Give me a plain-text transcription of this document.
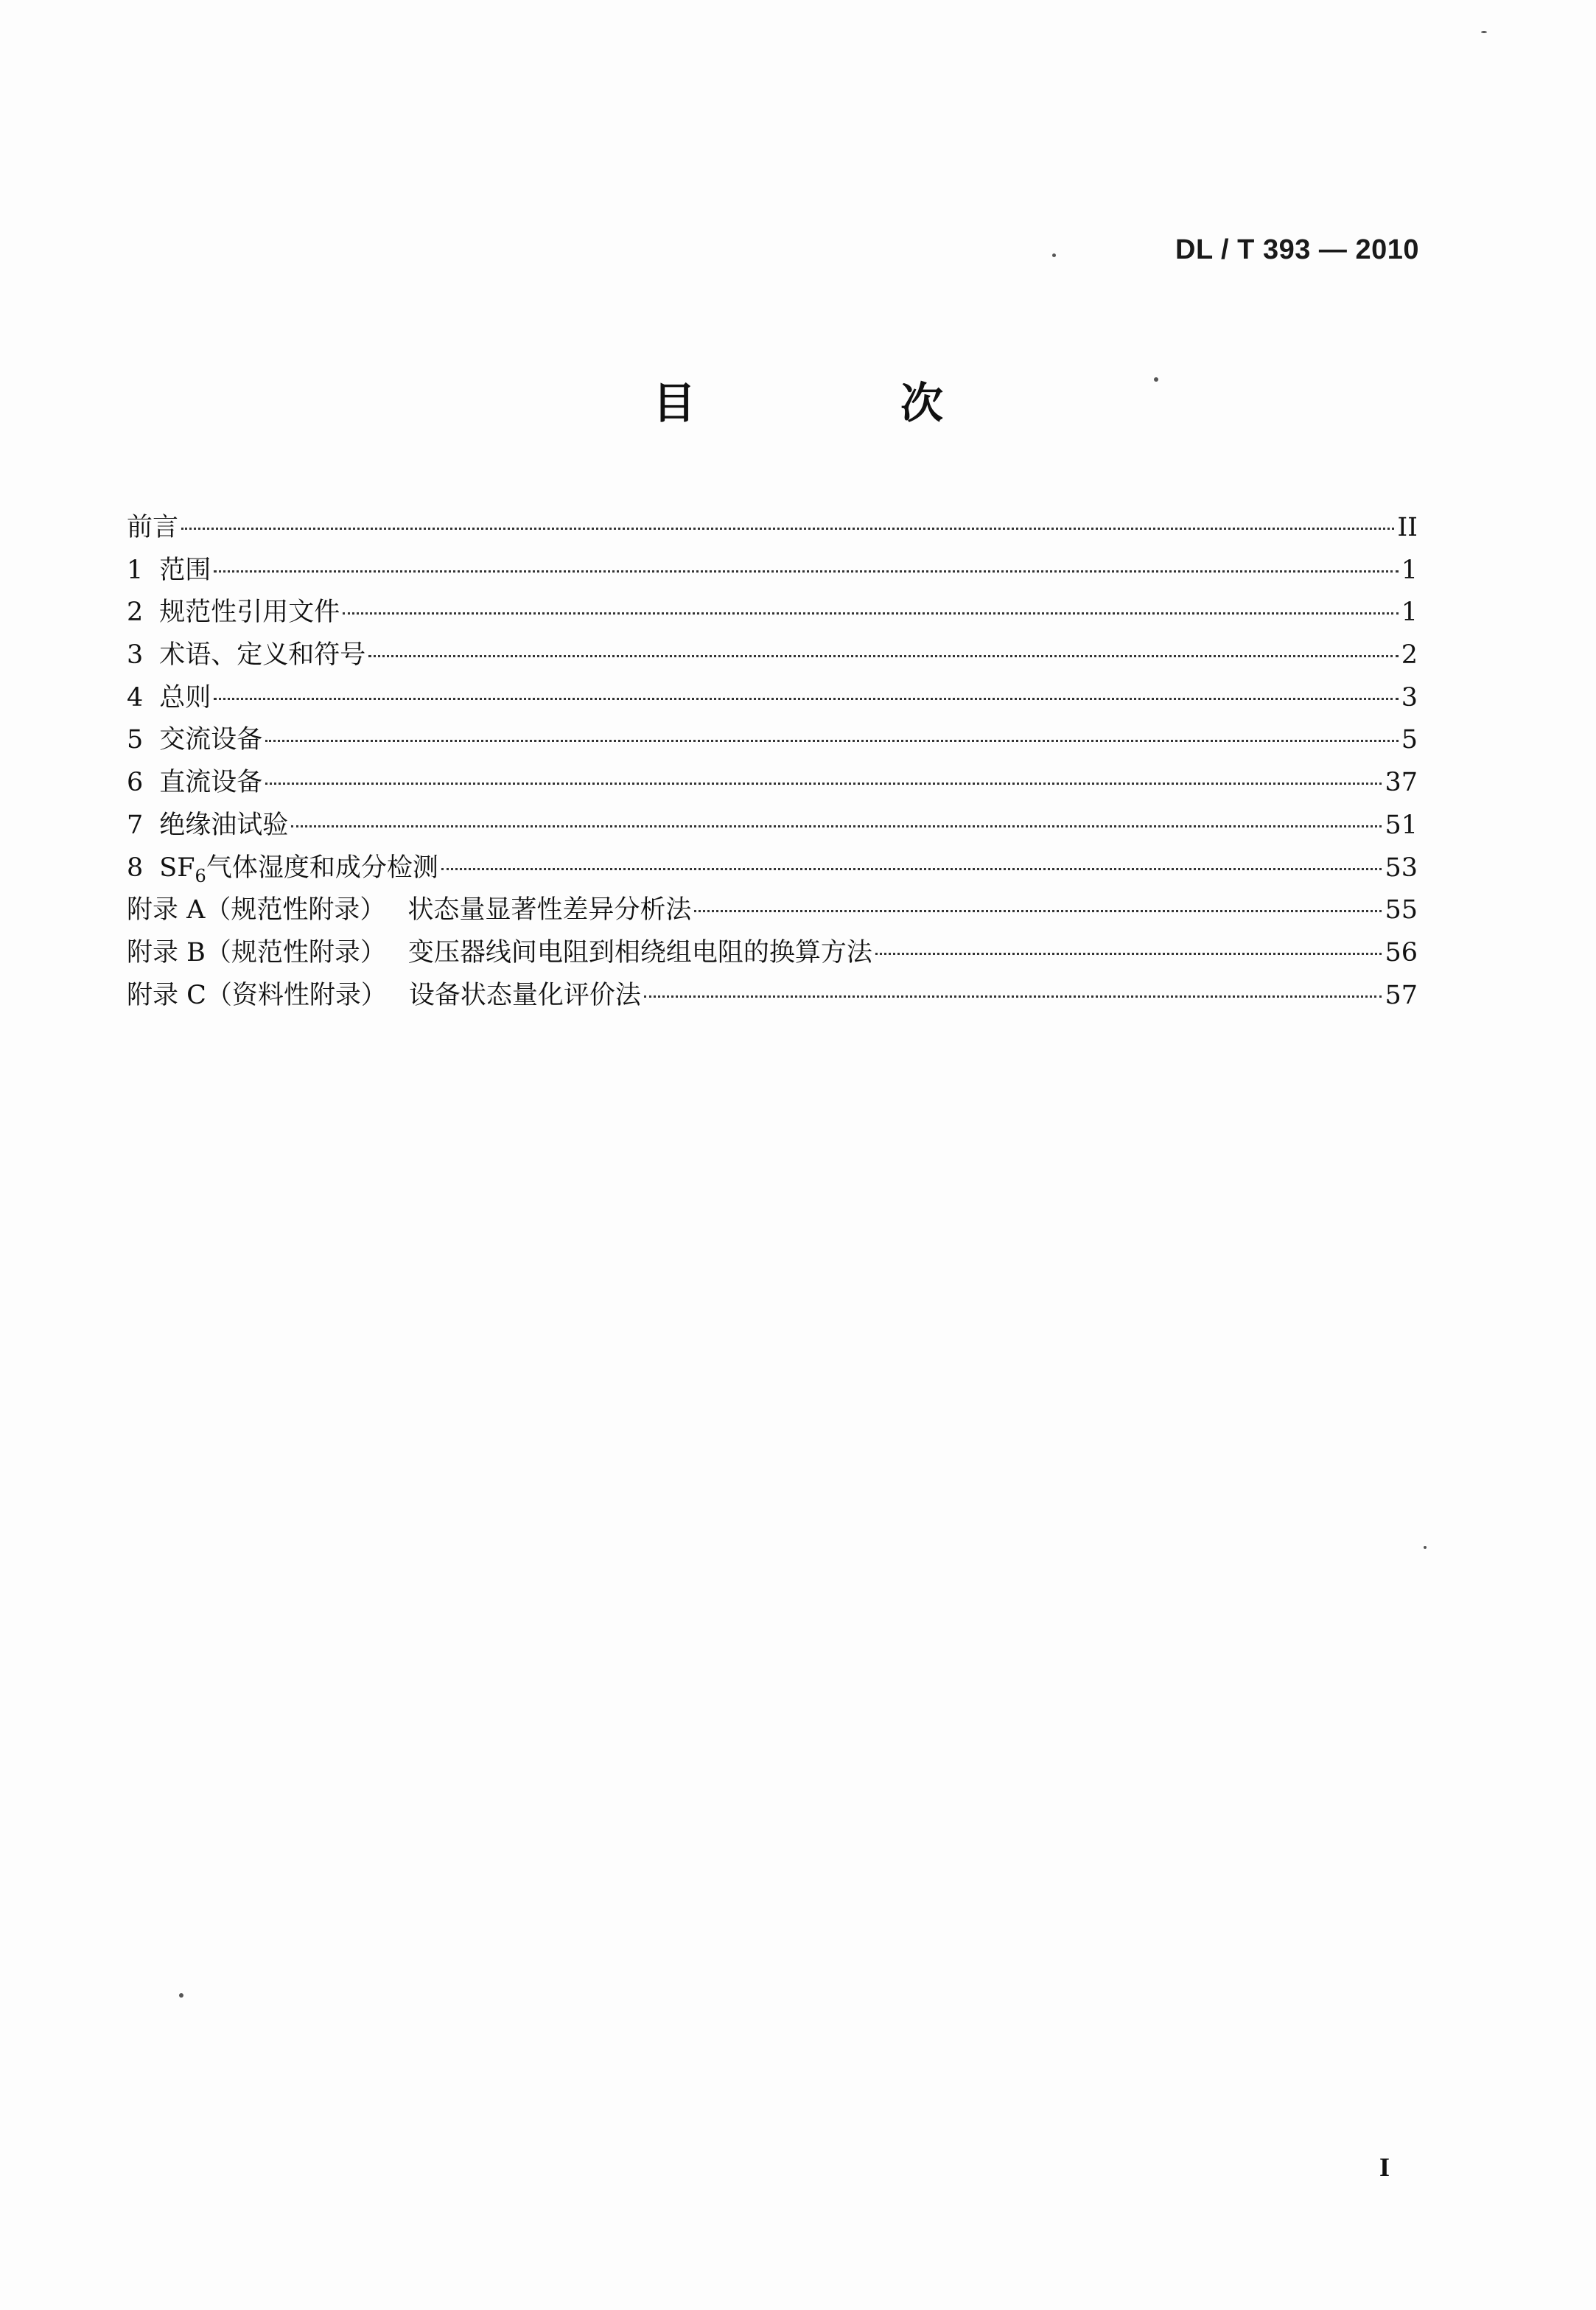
DL / T 393 — 2010
目　次
前言	II
1 范围	1
2 规范性引用文件	1
3 术语、定义和符号	2
4 总则	3
5 交流设备	5
6 直流设备	37
7 绝缘油试验	51
8 $SF_6$气体湿度和成分检测	53
附录 A（规范性附录） 状态量显著性差异分析法	55
附录 B（规范性附录） 变压器线间电阻到相绕组电阻的换算方法	56
附录 C（资料性附录） 设备状态量化评价法	57
I
